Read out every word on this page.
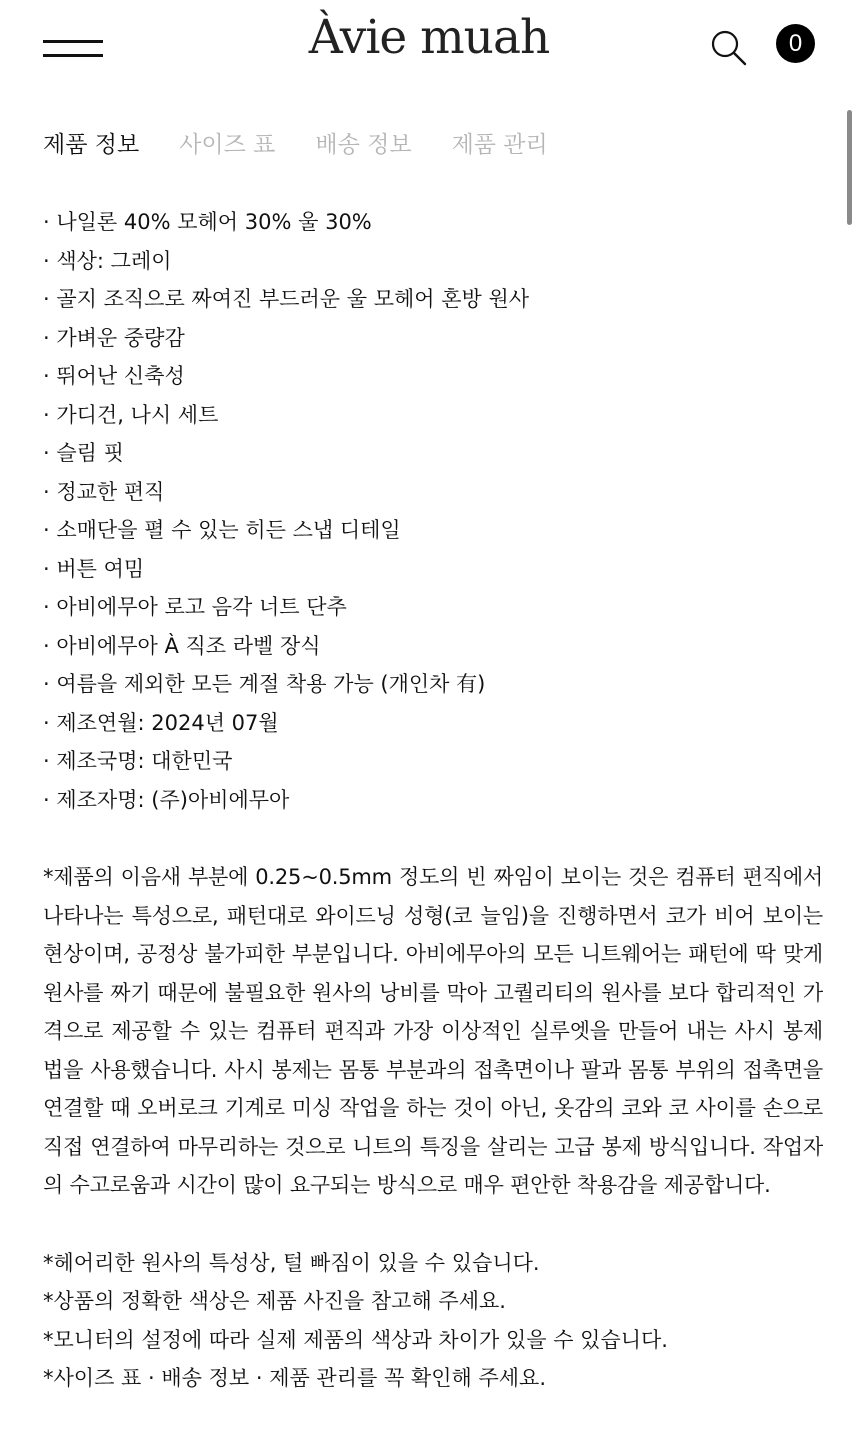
Àvie muah	0
제품 정보 사이즈 표 배송 정보 제품 관리
· 나일론 40% 모헤어 30% 울 30%
· 색상: 그레이
· 골지 조직으로 짜여진 부드러운 울 모헤어 혼방 원사
· 가벼운 중량감
· 뛰어난 신축성
· 가디건, 나시 세트
· 슬림 핏
· 정교한 편직
· 소매단을 펼 수 있는 히든 스냅 디테일
· 버튼 여밈
· 아비에무아 로고 음각 너트 단추
· 아비에무아 À 직조 라벨 장식
· 여름을 제외한 모든 계절 착용 가능 (개인차 有)
· 제조연월: 2024년 07월
· 제조국명: 대한민국
· 제조자명: (주)아비에무아

*제품의 이음새 부분에 0.25~0.5mm 정도의 빈 짜임이 보이는 것은 컴퓨터 편직에서 나타나는 특성으로, 패턴대로 와이드닝 성형(코 늘임)을 진행하면서 코가 비어 보이는 현상이며, 공정상 불가피한 부분입니다. 아비에무아의 모든 니트웨어는 패턴에 딱 맞게 원사를 짜기 때문에 불필요한 원사의 낭비를 막아 고퀄리티의 원사를 보다 합리적인 가격으로 제공할 수 있는 컴퓨터 편직과 가장 이상적인 실루엣을 만들어 내는 사시 봉제법을 사용했습니다. 사시 봉제는 몸통 부분과의 접촉면이나 팔과 몸통 부위의 접촉면을 연결할 때 오버로크 기계로 미싱 작업을 하는 것이 아닌, 옷감의 코와 코 사이를 손으로 직접 연결하여 마무리하는 것으로 니트의 특징을 살리는 고급 봉제 방식입니다. 작업자의 수고로움과 시간이 많이 요구되는 방식으로 매우 편안한 착용감을 제공합니다.

*헤어리한 원사의 특성상, 털 빠짐이 있을 수 있습니다.

*상품의 정확한 색상은 제품 사진을 참고해 주세요.

*모니터의 설정에 따라 실제 제품의 색상과 차이가 있을 수 있습니다.

*사이즈 표 · 배송 정보 · 제품 관리를 꼭 확인해 주세요.
